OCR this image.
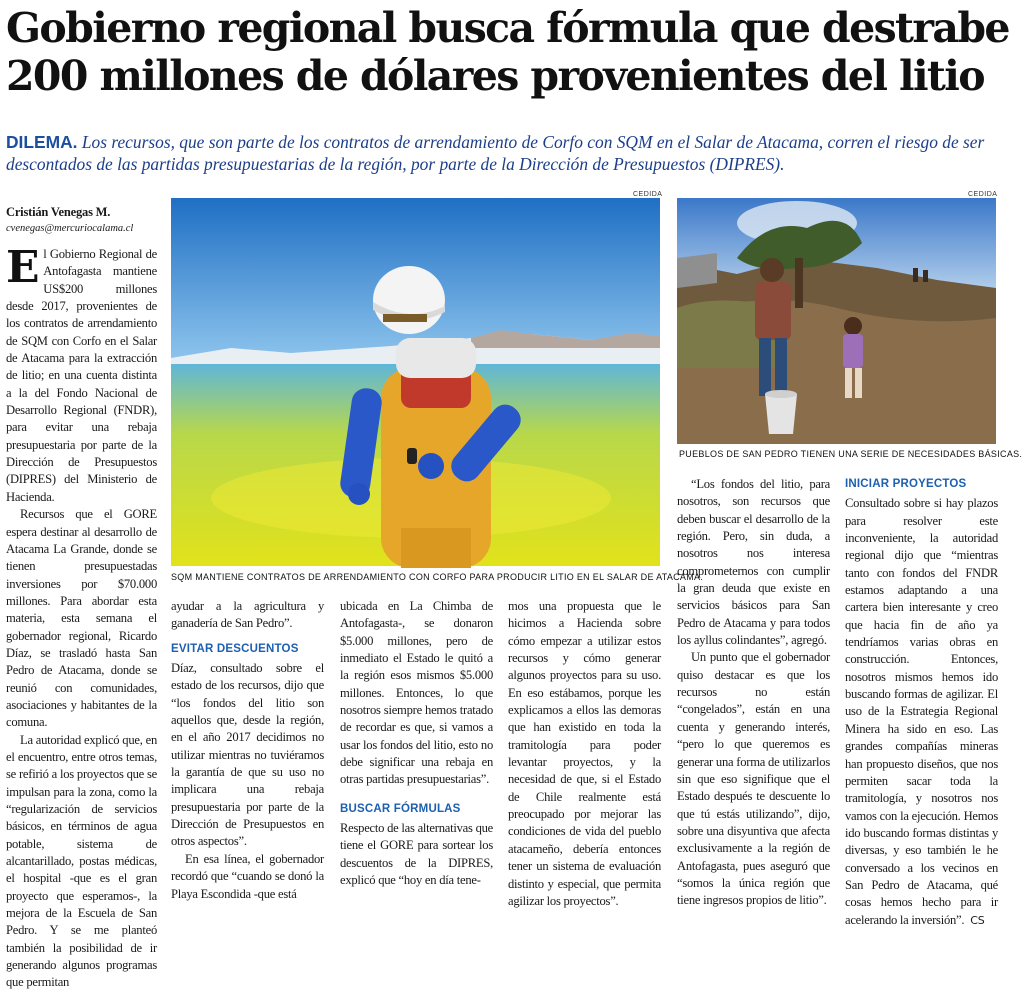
Gobierno regional busca fórmula que destrabe
200 millones de dólares provenientes del litio
DILEMA. Los recursos, que son parte de los contratos de arrendamiento de Corfo con SQM en el Salar de Atacama, corren el riesgo de ser descontados de las partidas presupuestarias de la región, por parte de la Dirección de Presupuestos (DIPRES).
Cristián Venegas M.
cvenegas@mercuriocalama.cl

El Gobierno Regional de Antofagasta mantiene US$200 millones desde 2017, provenientes de los contratos de arrendamiento de SQM con Corfo en el Salar de Atacama para la extracción de litio; en una cuenta distinta a la del Fondo Nacional de Desarrollo Regional (FNDR), para evitar una rebaja presupuestaria por parte de la Dirección de Presupuestos (DIPRES) del Ministerio de Hacienda.

Recursos que el GORE espera destinar al desarrollo de Atacama La Grande, donde se tienen presupuestadas inversiones por $70.000 millones. Para abordar esta materia, esta semana el gobernador regional, Ricardo Díaz, se trasladó hasta San Pedro de Atacama, donde se reunió con comunidades, asociaciones y habitantes de la comuna.

La autoridad explicó que, en el encuentro, entre otros temas, se refirió a los proyectos que se impulsan para la zona, como la “regularización de servicios básicos, en términos de agua potable, sistema de alcantarillado, postas médicas, el hospital -que es el gran proyecto que esperamos-, la mejora de la Escuela de San Pedro. Y se me planteó también la posibilidad de ir generando algunos programas que permitan

CEDIDA	CEDIDA
SQM MANTIENE CONTRATOS DE ARRENDAMIENTO CON CORFO PARA PRODUCIR LITIO EN EL SALAR DE ATACAMA.
PUEBLOS DE SAN PEDRO TIENEN UNA SERIE DE NECESIDADES BÁSICAS.

ayudar a la agricultura y ganadería de San Pedro”.

EVITAR DESCUENTOS

Díaz, consultado sobre el estado de los recursos, dijo que “los fondos del litio son aquellos que, desde la región, en el año 2017 decidimos no utilizar mientras no tuviéramos la garantía de que su uso no implicara una rebaja presupuestaria por parte de la Dirección de Presupuestos en otros aspectos”.

En esa línea, el gobernador recordó que “cuando se donó la Playa Escondida -que está

ubicada en La Chimba de Antofagasta-, se donaron $5.000 millones, pero de inmediato el Estado le quitó a la región esos mismos $5.000 millones. Entonces, lo que nosotros siempre hemos tratado de recordar es que, si vamos a usar los fondos del litio, esto no debe significar una rebaja en otras partidas presupuestarias”.

BUSCAR FÓRMULAS

Respecto de las alternativas que tiene el GORE para sortear los descuentos de la DIPRES, explicó que “hoy en día tene-

mos una propuesta que le hicimos a Hacienda sobre cómo empezar a utilizar estos recursos y cómo generar algunos proyectos para su uso. En eso estábamos, porque les explicamos a ellos las demoras que han existido en toda la tramitología para poder levantar proyectos, y la necesidad de que, si el Estado de Chile realmente está preocupado por mejorar las condiciones de vida del pueblo atacameño, debería entonces tener un sistema de evaluación distinto y especial, que permita agilizar los proyectos”.

“Los fondos del litio, para nosotros, son recursos que deben buscar el desarrollo de la región. Pero, sin duda, a nosotros nos interesa comprometernos con cumplir la gran deuda que existe en servicios básicos para San Pedro de Atacama y para todos los ayllus colindantes”, agregó.

Un punto que el gobernador quiso destacar es que los recursos no están “congelados”, están en una cuenta y generando interés, “pero lo que queremos es generar una forma de utilizarlos sin que eso signifique que el Estado después te descuente lo que tú estás utilizando”, dijo, sobre una disyuntiva que afecta exclusivamente a la región de Antofagasta, pues aseguró que “somos la única región que tiene ingresos propios de litio”.

INICIAR PROYECTOS

Consultado sobre si hay plazos para resolver este inconveniente, la autoridad regional dijo que “mientras tanto con fondos del FNDR estamos adaptando a una cartera bien interesante y creo que hacia fin de año ya tendríamos varias obras en construcción. Entonces, nosotros mismos hemos ido buscando formas de agilizar. El uso de la Estrategia Regional Minera ha sido en eso. Las grandes compañías mineras han propuesto diseños, que nos permiten sacar toda la tramitología, y nosotros nos vamos con la ejecución. Hemos ido buscando formas distintas y diversas, y eso también le he conversado a los vecinos en San Pedro de Atacama, qué cosas hemos hecho para ir acelerando la inversión”. CS
